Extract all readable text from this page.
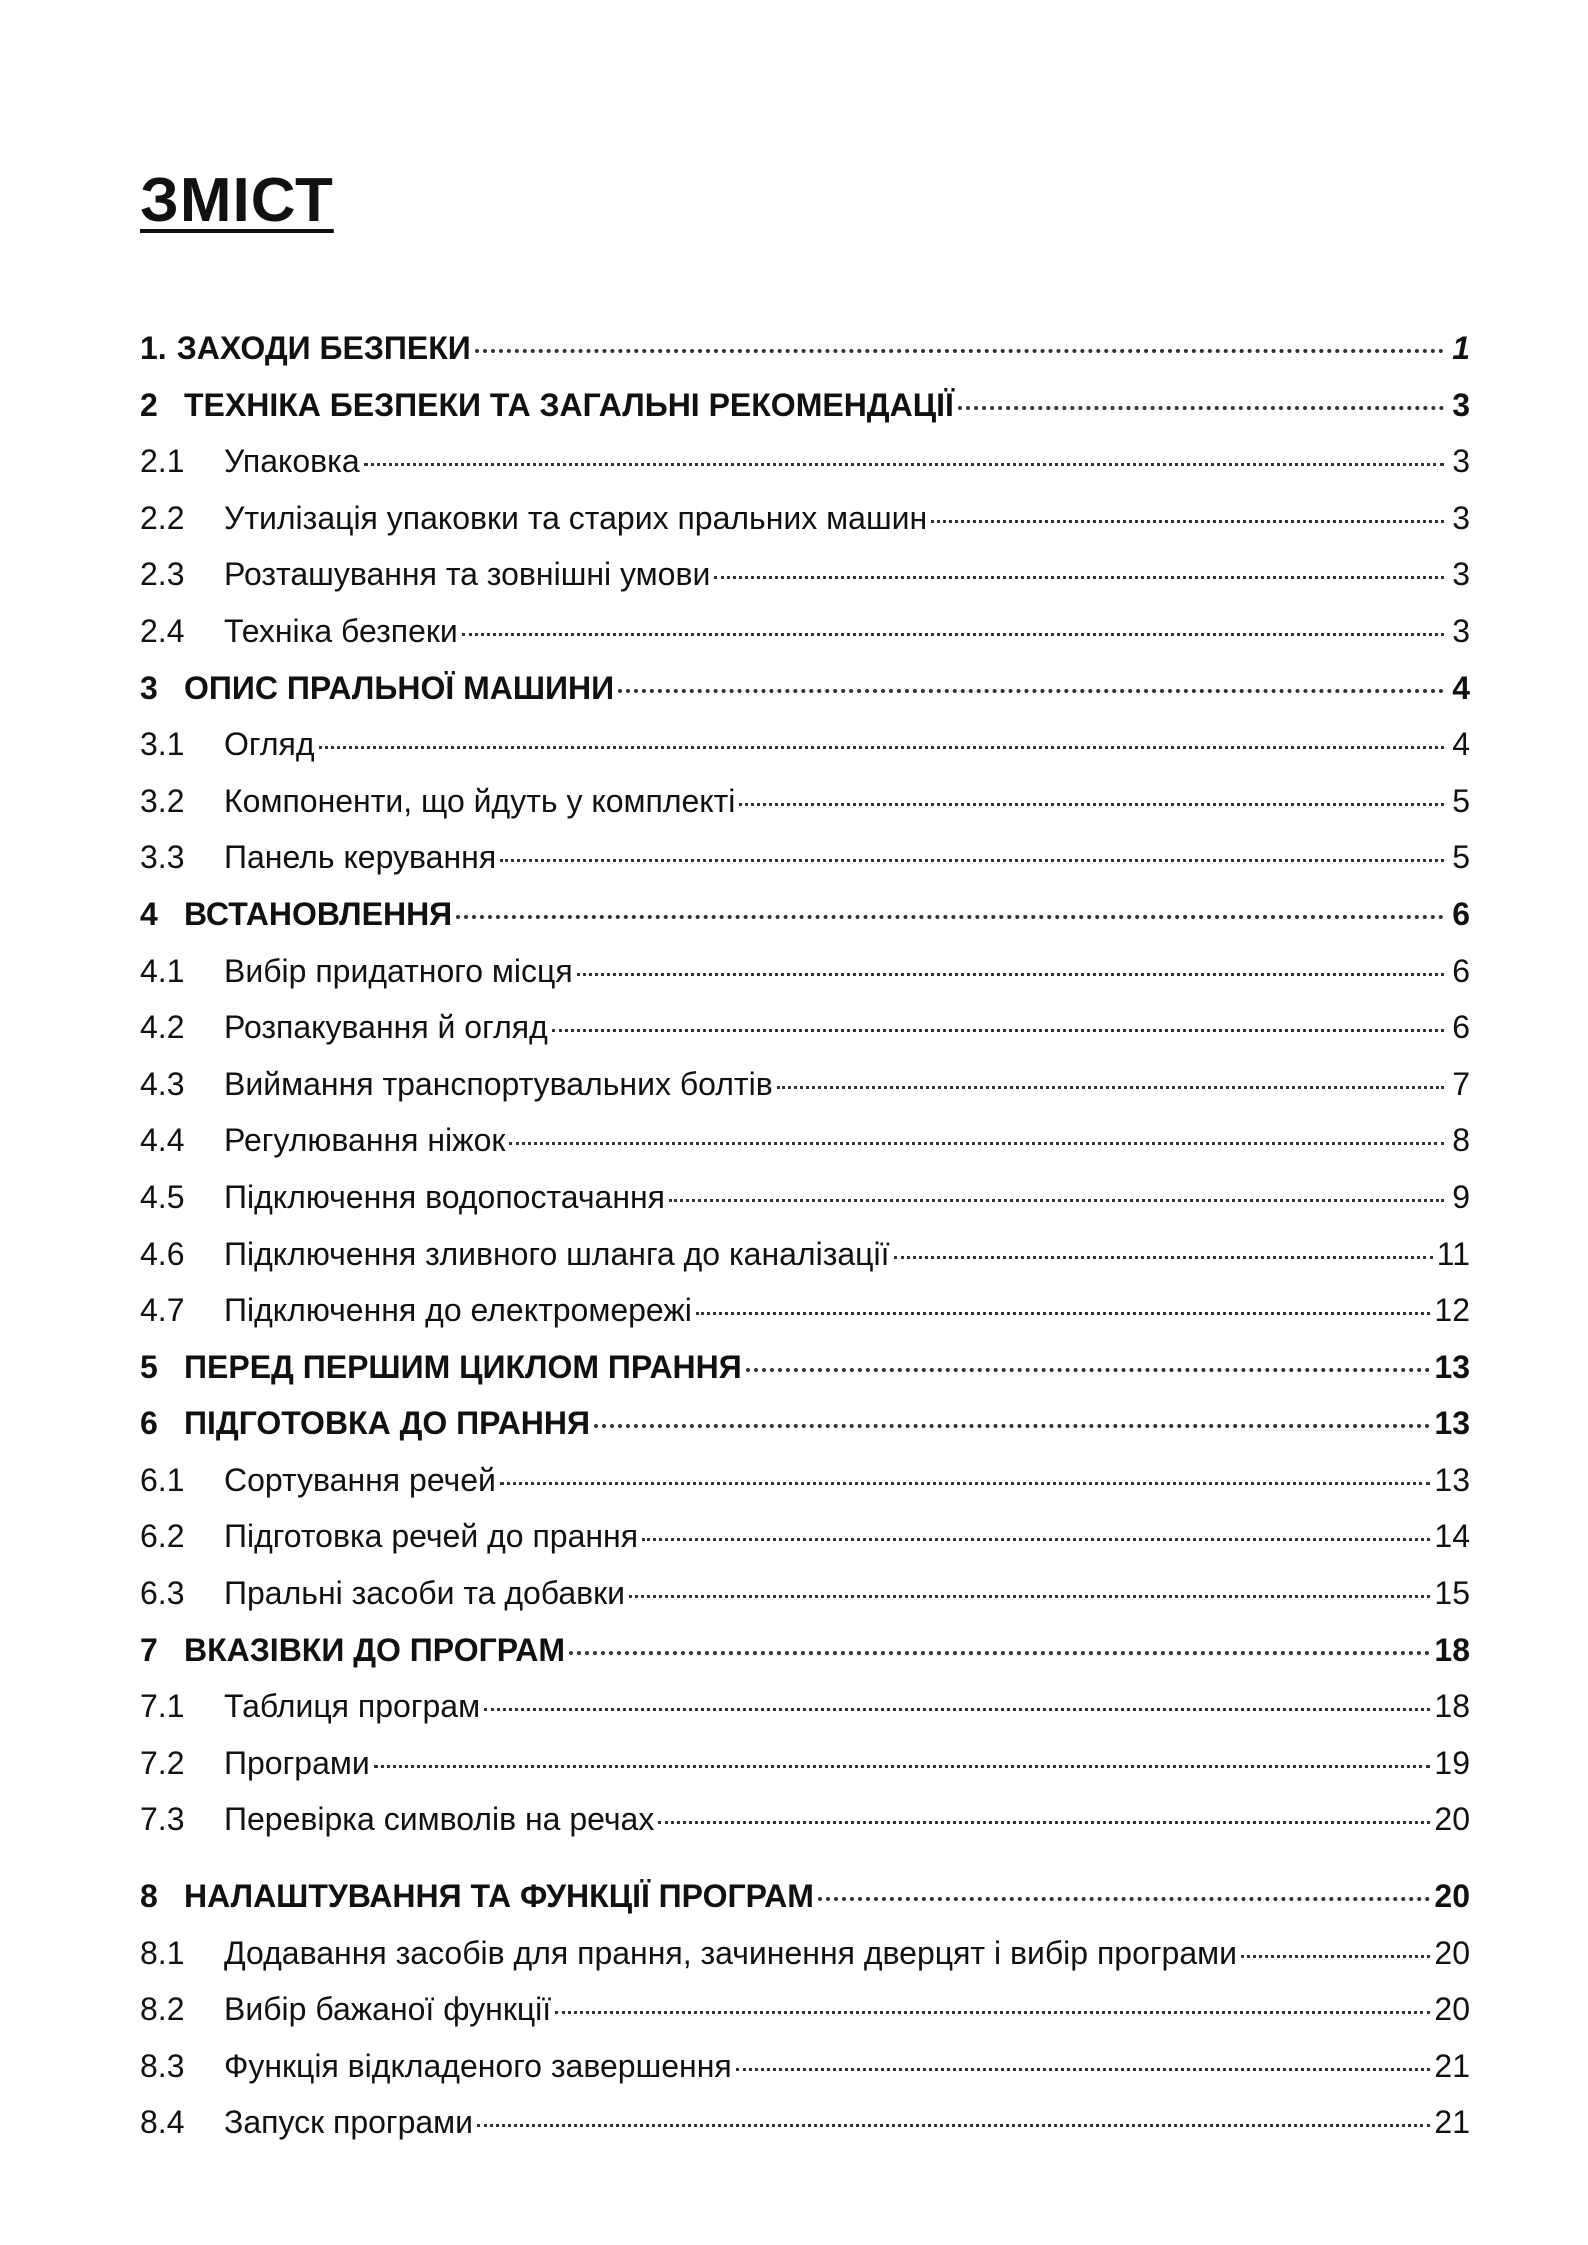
ЗМІСТ
1. ЗАХОДИ БЕЗПЕКИ	1
2 ТЕХНІКА БЕЗПЕКИ ТА ЗАГАЛЬНІ РЕКОМЕНДАЦІЇ	3
2.1	Упаковка	3
2.2	Утилізація упаковки та старих пральних машин	3
2.3	Розташування та зовнішні умови	3
2.4	Техніка безпеки	3
3 ОПИС ПРАЛЬНОЇ МАШИНИ	4
3.1	Огляд	4
3.2	Компоненти, що йдуть у комплекті	5
3.3	Панель керування	5
4 ВСТАНОВЛЕННЯ	6
4.1	Вибір придатного місця	6
4.2	Розпакування й огляд	6
4.3	Виймання транспортувальних болтів	7
4.4	Регулювання ніжок	8
4.5	Підключення водопостачання	9
4.6	Підключення зливного шланга до каналізації	11
4.7	Підключення до електромережі	12
5 ПЕРЕД ПЕРШИМ ЦИКЛОМ ПРАННЯ	13
6 ПІДГОТОВКА ДО ПРАННЯ	13
6.1	Сортування речей	13
6.2	Підготовка речей до прання	14
6.3	Пральні засоби та добавки	15
7 ВКАЗІВКИ ДО ПРОГРАМ	18
7.1	Таблиця програм	18
7.2	Програми	19
7.3	Перевірка символів на речах	20
8 НАЛАШТУВАННЯ ТА ФУНКЦІЇ ПРОГРАМ	20
8.1	Додавання засобів для прання, зачинення дверцят і вибір програми	20
8.2	Вибір бажаної функції	20
8.3	Функція відкладеного завершення	21
8.4	Запуск програми	21
